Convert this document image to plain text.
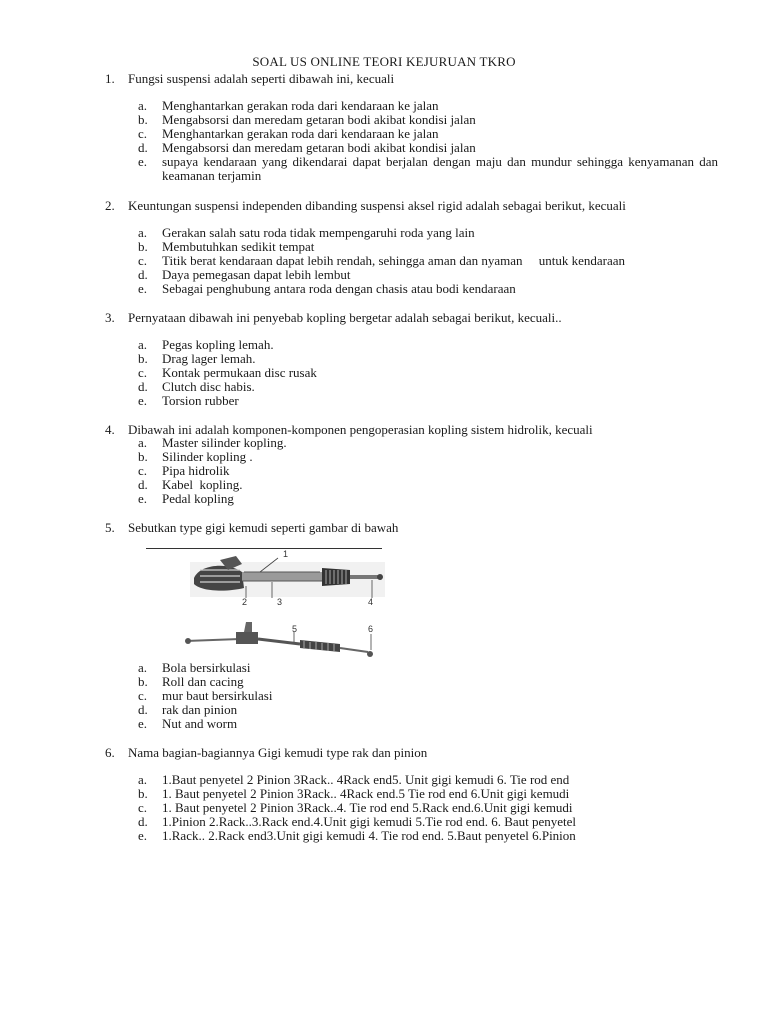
SOAL US ONLINE TEORI KEJURUAN TKRO
1.	Fungsi suspensi adalah seperti dibawah ini, kecuali
a.	Menghantarkan gerakan roda dari kendaraan ke jalan
b.	Mengabsorsi dan meredam getaran bodi akibat kondisi jalan
c.	Menghantarkan gerakan roda dari kendaraan ke jalan
d.	Mengabsorsi dan meredam getaran bodi akibat kondisi jalan
e.	supaya kendaraan yang dikendarai dapat berjalan dengan maju dan mundur sehingga kenyamanan dan keamanan terjamin
2.	Keuntungan suspensi independen dibanding suspensi aksel rigid adalah sebagai berikut, kecuali
a.	Gerakan salah satu roda tidak mempengaruhi roda yang lain
b.	Membutuhkan sedikit tempat
c.	Titik berat kendaraan dapat lebih rendah, sehingga aman dan nyaman     untuk kendaraan
d.	Daya pemegasan dapat lebih lembut
e.	Sebagai penghubung antara roda dengan chasis atau bodi kendaraan
3.	Pernyataan dibawah ini penyebab kopling bergetar adalah sebagai berikut, kecuali..
a.	Pegas kopling lemah.
b.	Drag lager lemah.
c.	Kontak permukaan disc rusak
d.	Clutch disc habis.
e.	Torsion rubber
4.	Dibawah ini adalah komponen-komponen pengoperasian kopling sistem hidrolik, kecuali
a.	Master silinder kopling.
b.	Silinder kopling .
c.	Pipa hidrolik
d.	Kabel  kopling.
e.	Pedal kopling
5.	Sebutkan type gigi kemudi seperti gambar di bawah
1
2	3	4
5	6
a.	Bola bersirkulasi
b.	Roll dan cacing
c.	mur baut bersirkulasi
d.	rak dan pinion
e.	Nut and worm
6.	Nama bagian-bagiannya Gigi kemudi type rak dan pinion
a.	1.Baut penyetel 2 Pinion 3Rack.. 4Rack end5. Unit gigi kemudi 6. Tie rod end
b.	1. Baut penyetel 2 Pinion 3Rack.. 4Rack end.5 Tie rod end 6.Unit gigi kemudi
c.	1. Baut penyetel 2 Pinion 3Rack..4. Tie rod end 5.Rack end.6.Unit gigi kemudi
d.	1.Pinion 2.Rack..3.Rack end.4.Unit gigi kemudi 5.Tie rod end. 6. Baut penyetel
e.	1.Rack.. 2.Rack end3.Unit gigi kemudi 4. Tie rod end. 5.Baut penyetel 6.Pinion
